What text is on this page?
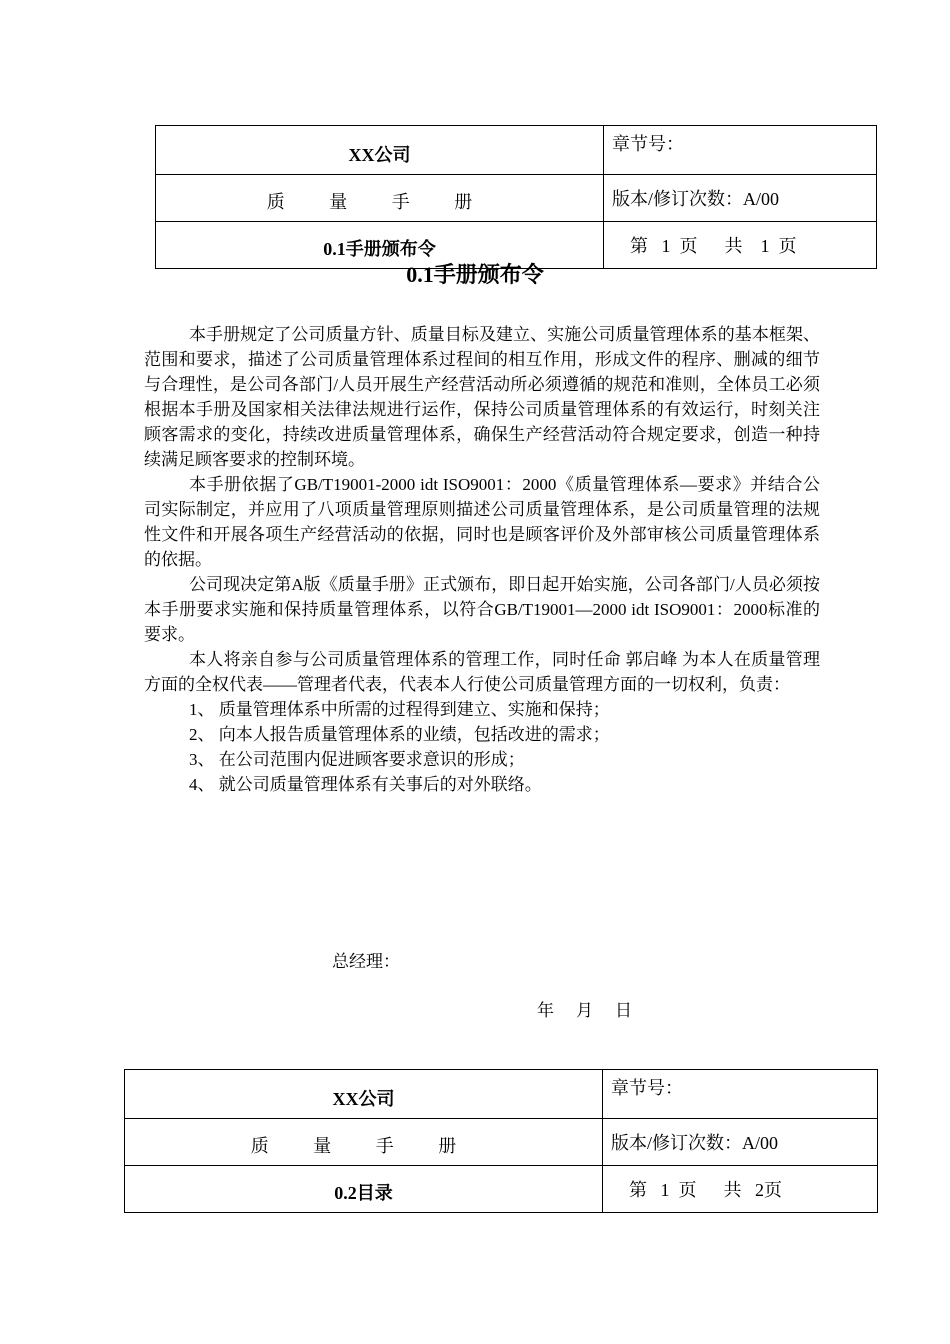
XX公司	章节号：
质 量 手 册	版本/修订次数：A/00
0.1手册颁布令	第 1 页 共 1 页
0.1手册颁布令

本手册规定了公司质量方针、质量目标及建立、实施公司质量管理体系的基本框架、范围和要求，描述了公司质量管理体系过程间的相互作用，形成文件的程序、删减的细节与合理性，是公司各部门/人员开展生产经营活动所必须遵循的规范和准则，全体员工必须根据本手册及国家相关法律法规进行运作，保持公司质量管理体系的有效运行，时刻关注顾客需求的变化，持续改进质量管理体系，确保生产经营活动符合规定要求，创造一种持续满足顾客要求的控制环境。

本手册依据了GB/T19001-2000 idt ISO9001：2000《质量管理体系—要求》并结合公司实际制定，并应用了八项质量管理原则描述公司质量管理体系，是公司质量管理的法规性文件和开展各项生产经营活动的依据，同时也是顾客评价及外部审核公司质量管理体系的依据。

公司现决定第A版《质量手册》正式颁布，即日起开始实施，公司各部门/人员必须按本手册要求实施和保持质量管理体系，以符合GB/T19001—2000 idt ISO9001：2000标准的要求。

本人将亲自参与公司质量管理体系的管理工作，同时任命 郭启峰 为本人在质量管理方面的全权代表——管理者代表，代表本人行使公司质量管理方面的一切权利，负责：

1、 质量管理体系中所需的过程得到建立、实施和保持；
2、 向本人报告质量管理体系的业绩，包括改进的需求；
3、 在公司范围内促进顾客要求意识的形成；
4、 就公司质量管理体系有关事后的对外联络。
总经理：
年 月 日
XX公司	章节号：
质 量 手 册	版本/修订次数：A/00
0.2目录	第 1 页 共 2页
